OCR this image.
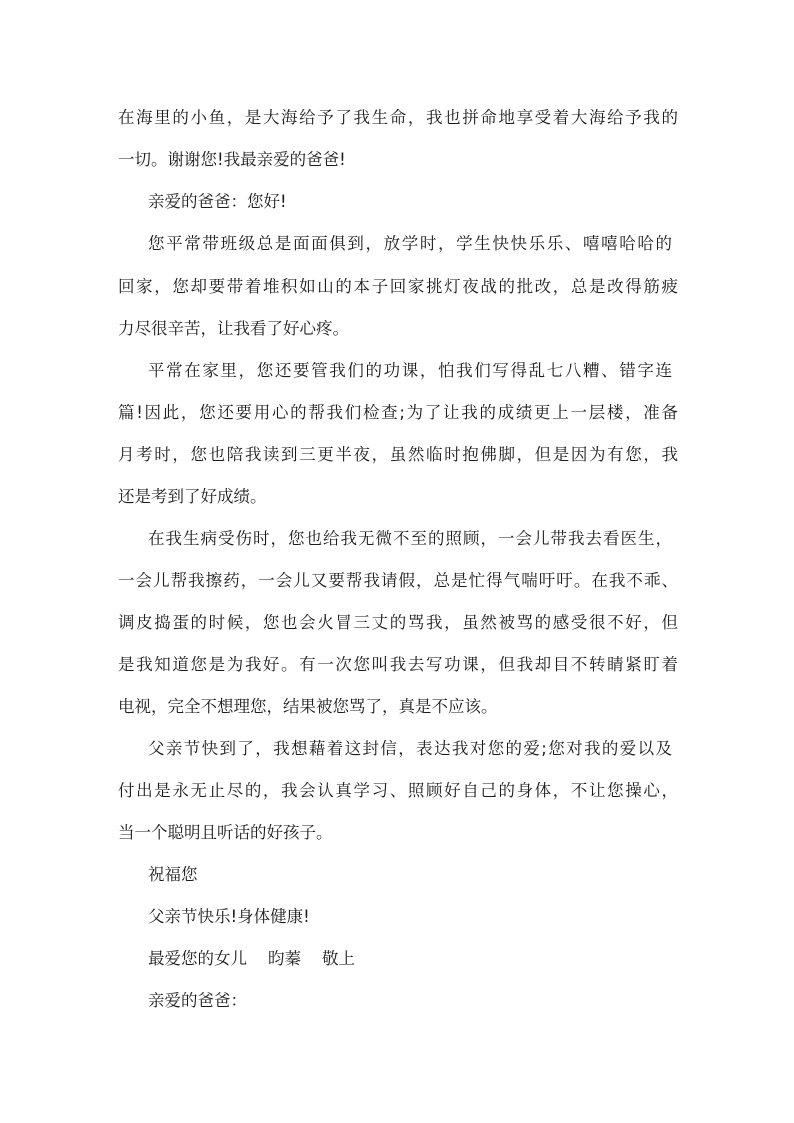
在海里的小鱼，是大海给予了我生命，我也拼命地享受着大海给予我的
一切。谢谢您!我最亲爱的爸爸!
亲爱的爸爸：您好!
您平常带班级总是面面俱到，放学时，学生快快乐乐、嘻嘻哈哈的
回家，您却要带着堆积如山的本子回家挑灯夜战的批改，总是改得筋疲
力尽很辛苦，让我看了好心疼。
平常在家里，您还要管我们的功课，怕我们写得乱七八糟、错字连
篇!因此，您还要用心的帮我们检查;为了让我的成绩更上一层楼，准备
月考时，您也陪我读到三更半夜，虽然临时抱佛脚，但是因为有您，我
还是考到了好成绩。
在我生病受伤时，您也给我无微不至的照顾，一会儿带我去看医生，
一会儿帮我擦药，一会儿又要帮我请假，总是忙得气喘吁吁。在我不乖、
调皮捣蛋的时候，您也会火冒三丈的骂我，虽然被骂的感受很不好，但
是我知道您是为我好。有一次您叫我去写功课，但我却目不转睛紧盯着
电视，完全不想理您，结果被您骂了，真是不应该。
父亲节快到了，我想藉着这封信，表达我对您的爱;您对我的爱以及
付出是永无止尽的，我会认真学习、照顾好自己的身体，不让您操心，
当一个聪明且听话的好孩子。
祝福您
父亲节快乐!身体健康!
最爱您的女儿    昀蓁    敬上
亲爱的爸爸：
